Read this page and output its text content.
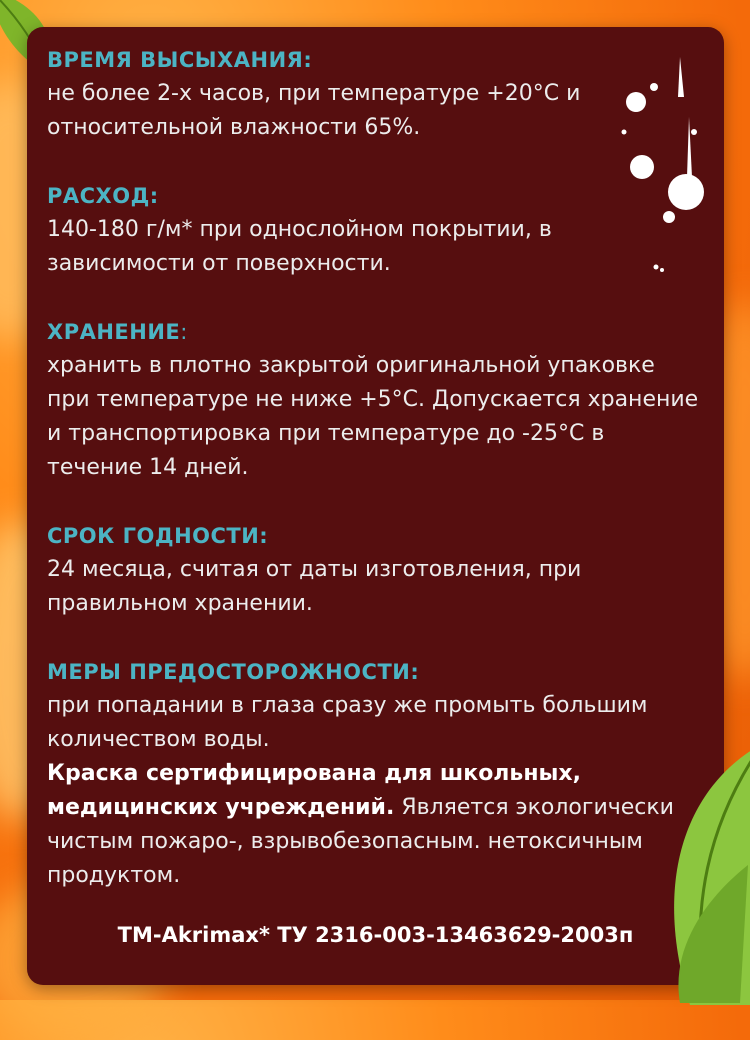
ВРЕМЯ ВЫСЫХАНИЯ:
не более 2-х часов, при температуре +20°C и
относительной влажности 65%.
РАСХОД:
140-180 г/м* при однослойном покрытии, в
зависимости от поверхности.
ХРАНЕНИЕ:
хранить в плотно закрытой оригинальной упаковке
при температуре не ниже +5°C. Допускается хранение
и транспортировка при температуре до -25°C в
течение 14 дней.
СРОК ГОДНОСТИ:
24 месяца, считая от даты изготовления, при
правильном хранении.
МЕРЫ ПРЕДОСТОРОЖНОСТИ:
при попадании в глаза сразу же промыть большим
количеством воды.
Краска сертифицирована для школьных,
медицинских учреждений. Является экологически
чистым пожаро-, взрывобезопасным. нетоксичным
продуктом.
ТМ-Akrimax* ТУ 2316-003-13463629-2003п
